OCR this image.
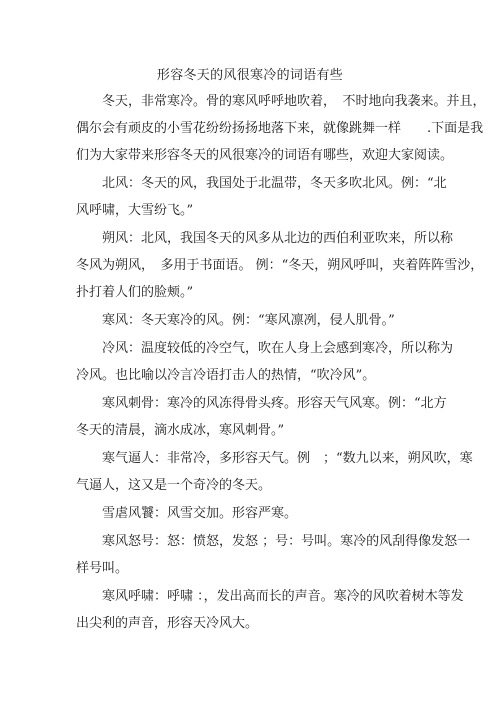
形容冬天的风很寒冷的词语有些
冬天，非常寒冷。骨的寒风呼呼地吹着，　不时地向我袭来。并且，
偶尔会有顽皮的小雪花纷纷扬扬地落下来，就像跳舞一样　　.下面是我
们为大家带来形容冬天的风很寒冷的词语有哪些，欢迎大家阅读。
北风：冬天的风，我国处于北温带，冬天多吹北风。例：“北
风呼啸，大雪纷飞。”
朔风：北风，我国冬天的风多从北边的西伯利亚吹来，所以称
冬风为朔风，　多用于书面语。 例：“冬天，朔风呼叫，夹着阵阵雪沙，
扑打着人们的脸颊。”
寒风：冬天寒冷的风。例：“寒风凛冽，侵人肌骨。”
冷风：温度较低的冷空气，吹在人身上会感到寒冷，所以称为
冷风。也比喻以冷言冷语打击人的热情，“吹冷风”。
寒风刺骨：寒冷的风冻得骨头疼。形容天气风寒。例：“北方
冬天的清晨，滴水成冰，寒风刺骨。”
寒气逼人：非常冷，多形容天气。例　；“数九以来，朔风吹，寒
气逼人，这又是一个奇冷的冬天。
雪虐风饕：风雪交加。形容严寒。
寒风怒号：怒：愤怒，发怒 ；号：号叫。寒冷的风刮得像发怒一
样号叫。
寒风呼啸：呼啸 ：，发出高而长的声音。寒冷的风吹着树木等发
出尖利的声音，形容天冷风大。
